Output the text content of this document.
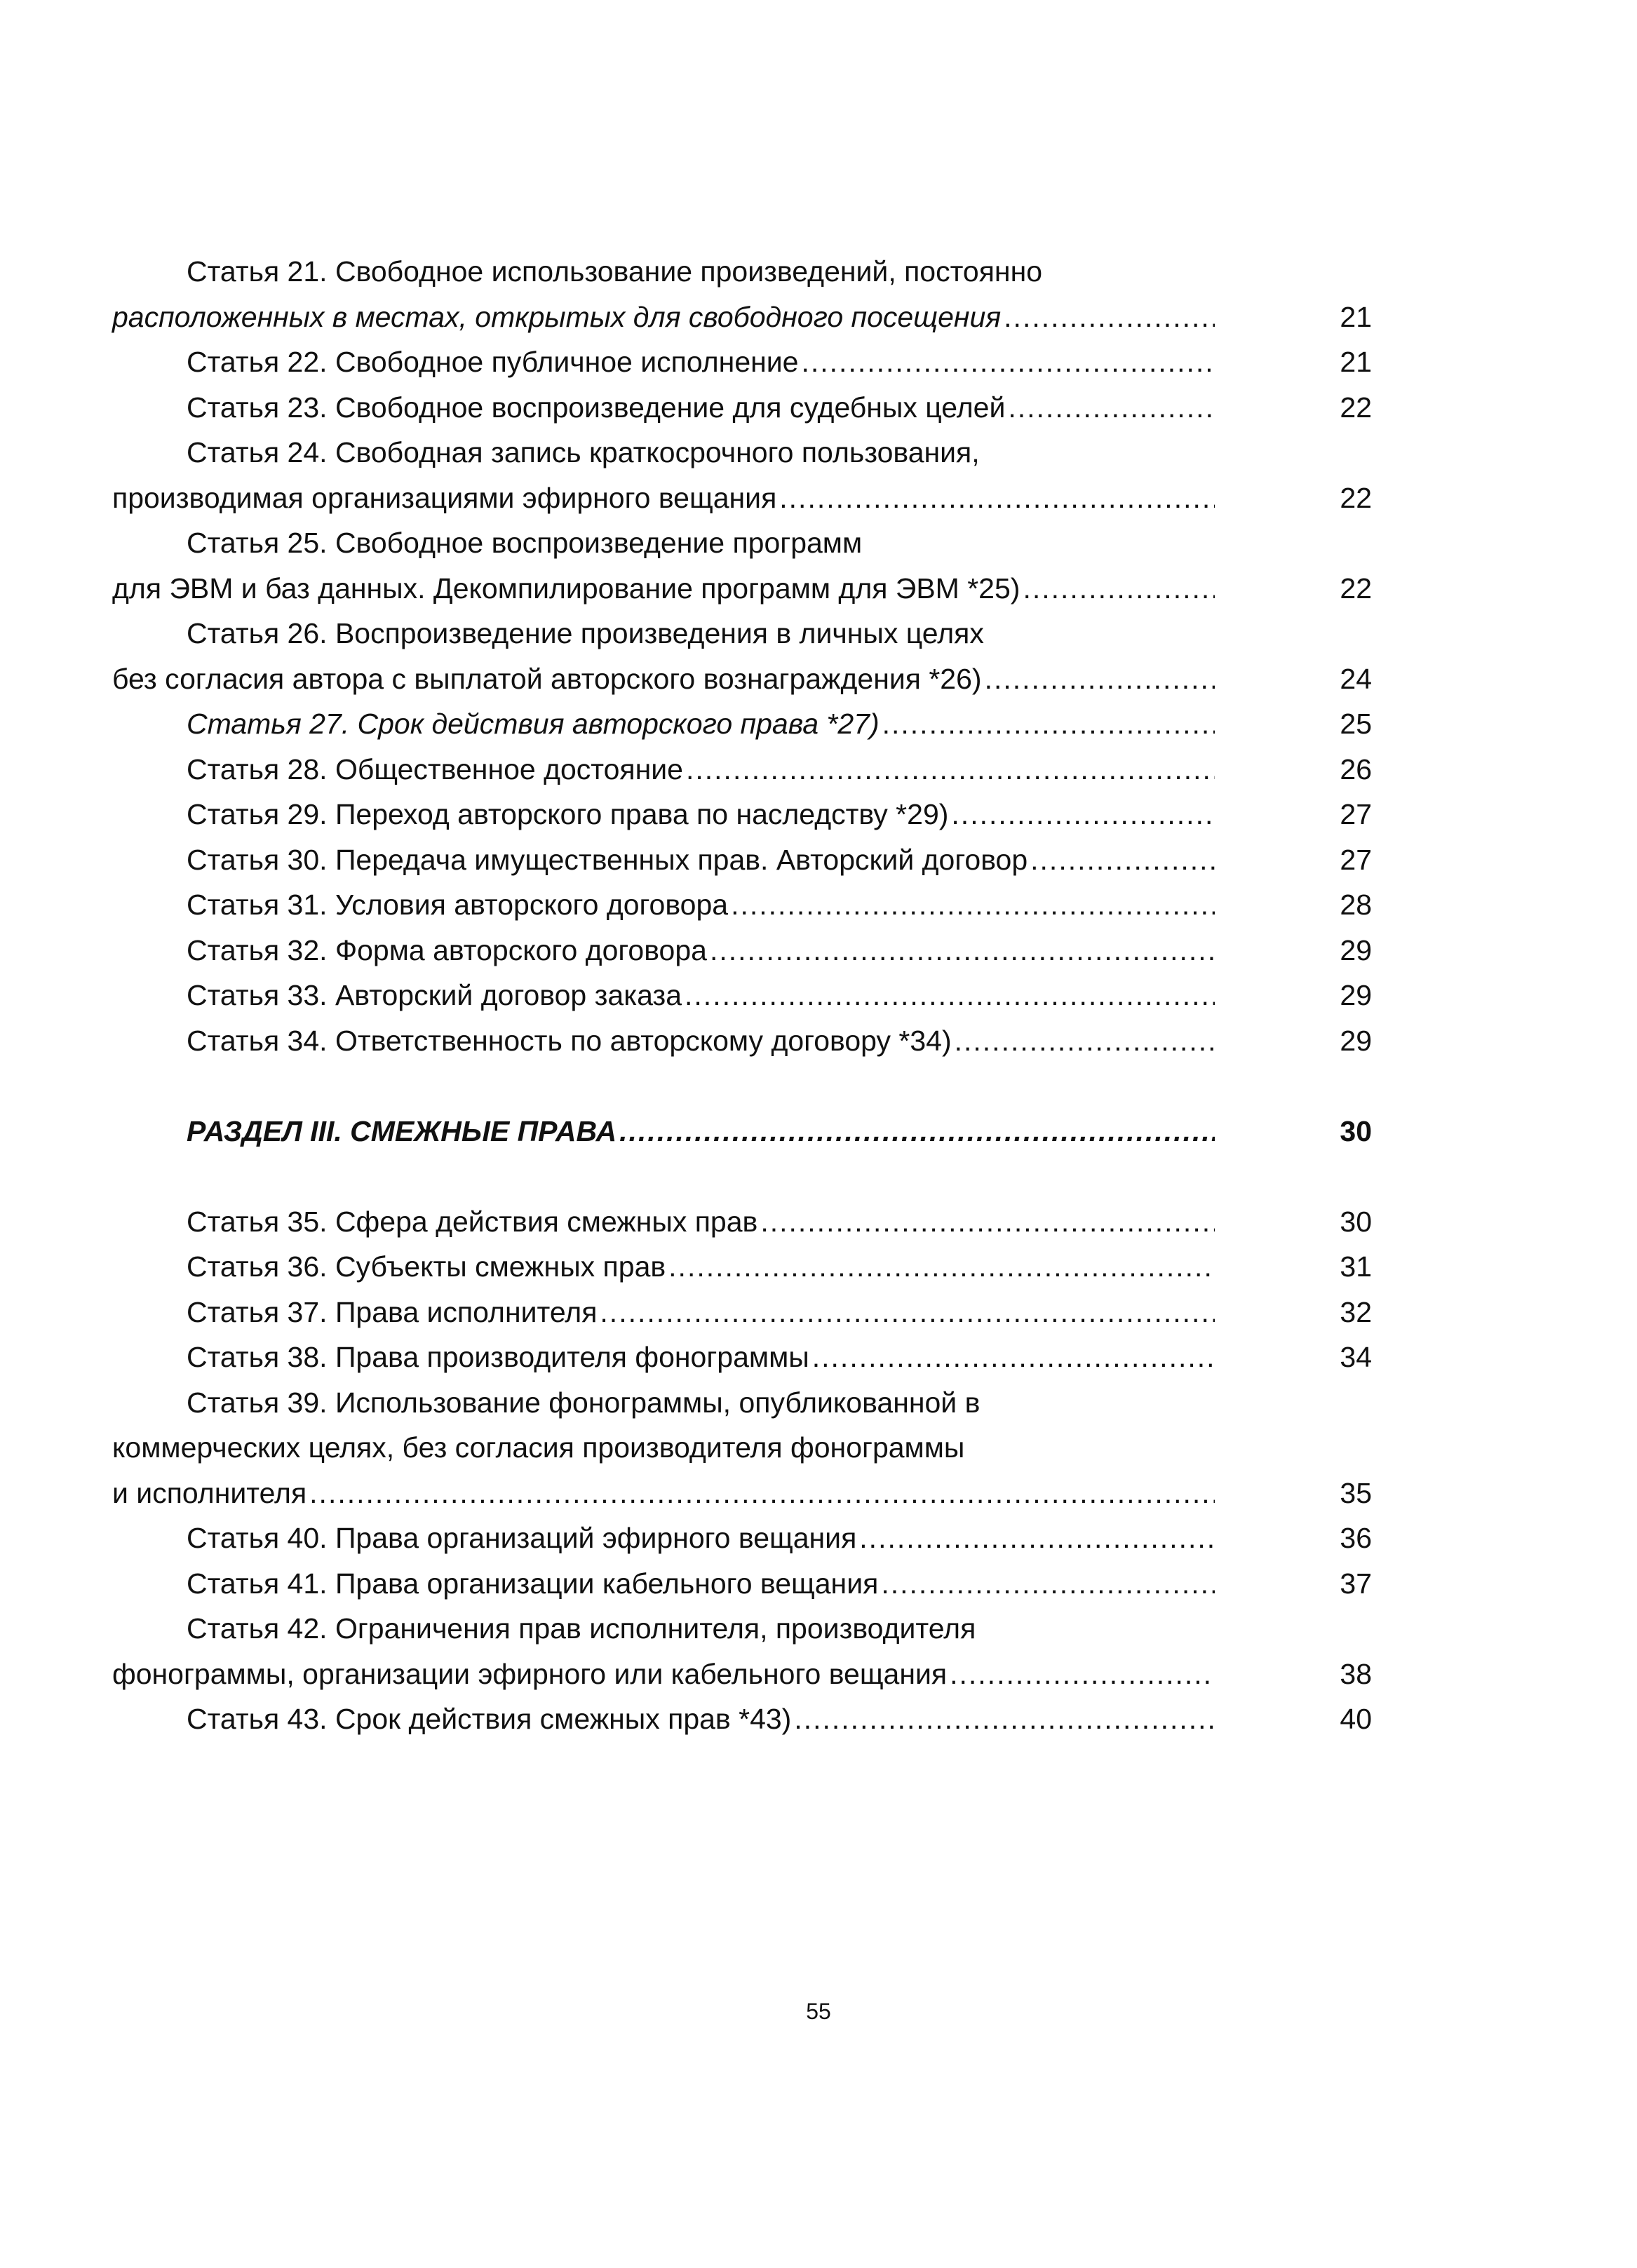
Статья 21. Свободное использование произведений, постоянно
расположенных в местах, открытых для свободного посещения .....	21
Статья 22. Свободное публичное исполнение .....	21
Статья 23. Свободное воспроизведение для судебных целей .....	22
Статья 24. Свободная запись краткосрочного пользования,
производимая организациями эфирного вещания .....	22
Статья 25. Свободное воспроизведение программ
для ЭВМ и баз данных. Декомпилирование программ для ЭВМ *25) .....	22
Статья 26. Воспроизведение произведения в личных целях
без согласия автора с выплатой авторского вознаграждения *26) .....	24
Статья 27. Срок действия авторского права *27) .....	25
Статья 28. Общественное достояние .....	26
Статья 29. Переход авторского права по наследству *29) .....	27
Статья 30. Передача имущественных прав. Авторский договор .....	27
Статья 31. Условия авторского договора .....	28
Статья 32. Форма авторского договора .....	29
Статья 33. Авторский договор заказа .....	29
Статья 34. Ответственность по авторскому договору *34) .....	29
РАЗДЕЛ III. СМЕЖНЫЕ ПРАВА .....	30
Статья 35. Сфера действия смежных прав .....	30
Статья 36. Субъекты смежных прав .....	31
Статья 37. Права исполнителя .....	32
Статья 38. Права производителя фонограммы .....	34
Статья 39. Использование фонограммы, опубликованной в
коммерческих целях, без согласия производителя фонограммы
и исполнителя .....	35
Статья 40. Права организаций эфирного вещания .....	36
Статья 41. Права организации кабельного вещания .....	37
Статья 42. Ограничения прав исполнителя, производителя
фонограммы, организации эфирного или кабельного вещания .....	38
Статья 43. Срок действия смежных прав *43) .....	40
55
